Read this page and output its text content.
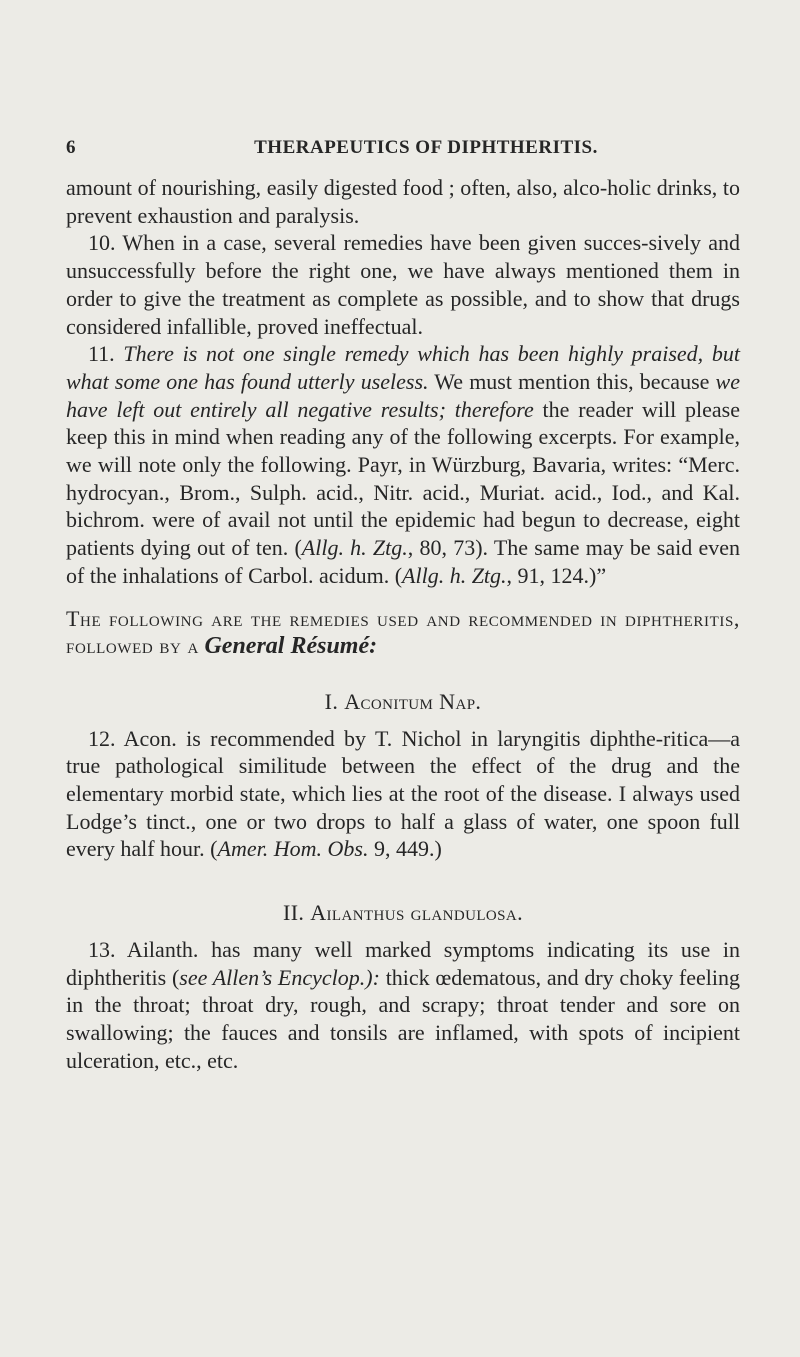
6	THERAPEUTICS OF DIPHTHERITIS.

amount of nourishing, easily digested food ; often, also, alco-holic drinks, to prevent exhaustion and paralysis.

10. When in a case, several remedies have been given succes-sively and unsuccessfully before the right one, we have always mentioned them in order to give the treatment as complete as possible, and to show that drugs considered infallible, proved ineffectual.

11. There is not one single remedy which has been highly praised, but what some one has found utterly useless. We must mention this, because we have left out entirely all negative results; therefore the reader will please keep this in mind when reading any of the following excerpts. For example, we will note only the following. Payr, in Würzburg, Bavaria, writes: “Merc. hydrocyan., Brom., Sulph. acid., Nitr. acid., Muriat. acid., Iod., and Kal. bichrom. were of avail not until the epidemic had begun to decrease, eight patients dying out of ten. (Allg. h. Ztg., 80, 73). The same may be said even of the inhalations of Carbol. acidum. (Allg. h. Ztg., 91, 124.)”

The following are the remedies used and recommended in diphtheritis, followed by a General Résumé:

I. Aconitum Nap.

12. Acon. is recommended by T. Nichol in laryngitis diphthe-ritica—a true pathological similitude between the effect of the drug and the elementary morbid state, which lies at the root of the disease. I always used Lodge’s tinct., one or two drops to half a glass of water, one spoon full every half hour. (Amer. Hom. Obs. 9, 449.)

II. Ailanthus glandulosa.

13. Ailanth. has many well marked symptoms indicating its use in diphtheritis (see Allen’s Encyclop.): thick œdematous, and dry choky feeling in the throat; throat dry, rough, and scrapy; throat tender and sore on swallowing; the fauces and tonsils are inflamed, with spots of incipient ulceration, etc., etc.
